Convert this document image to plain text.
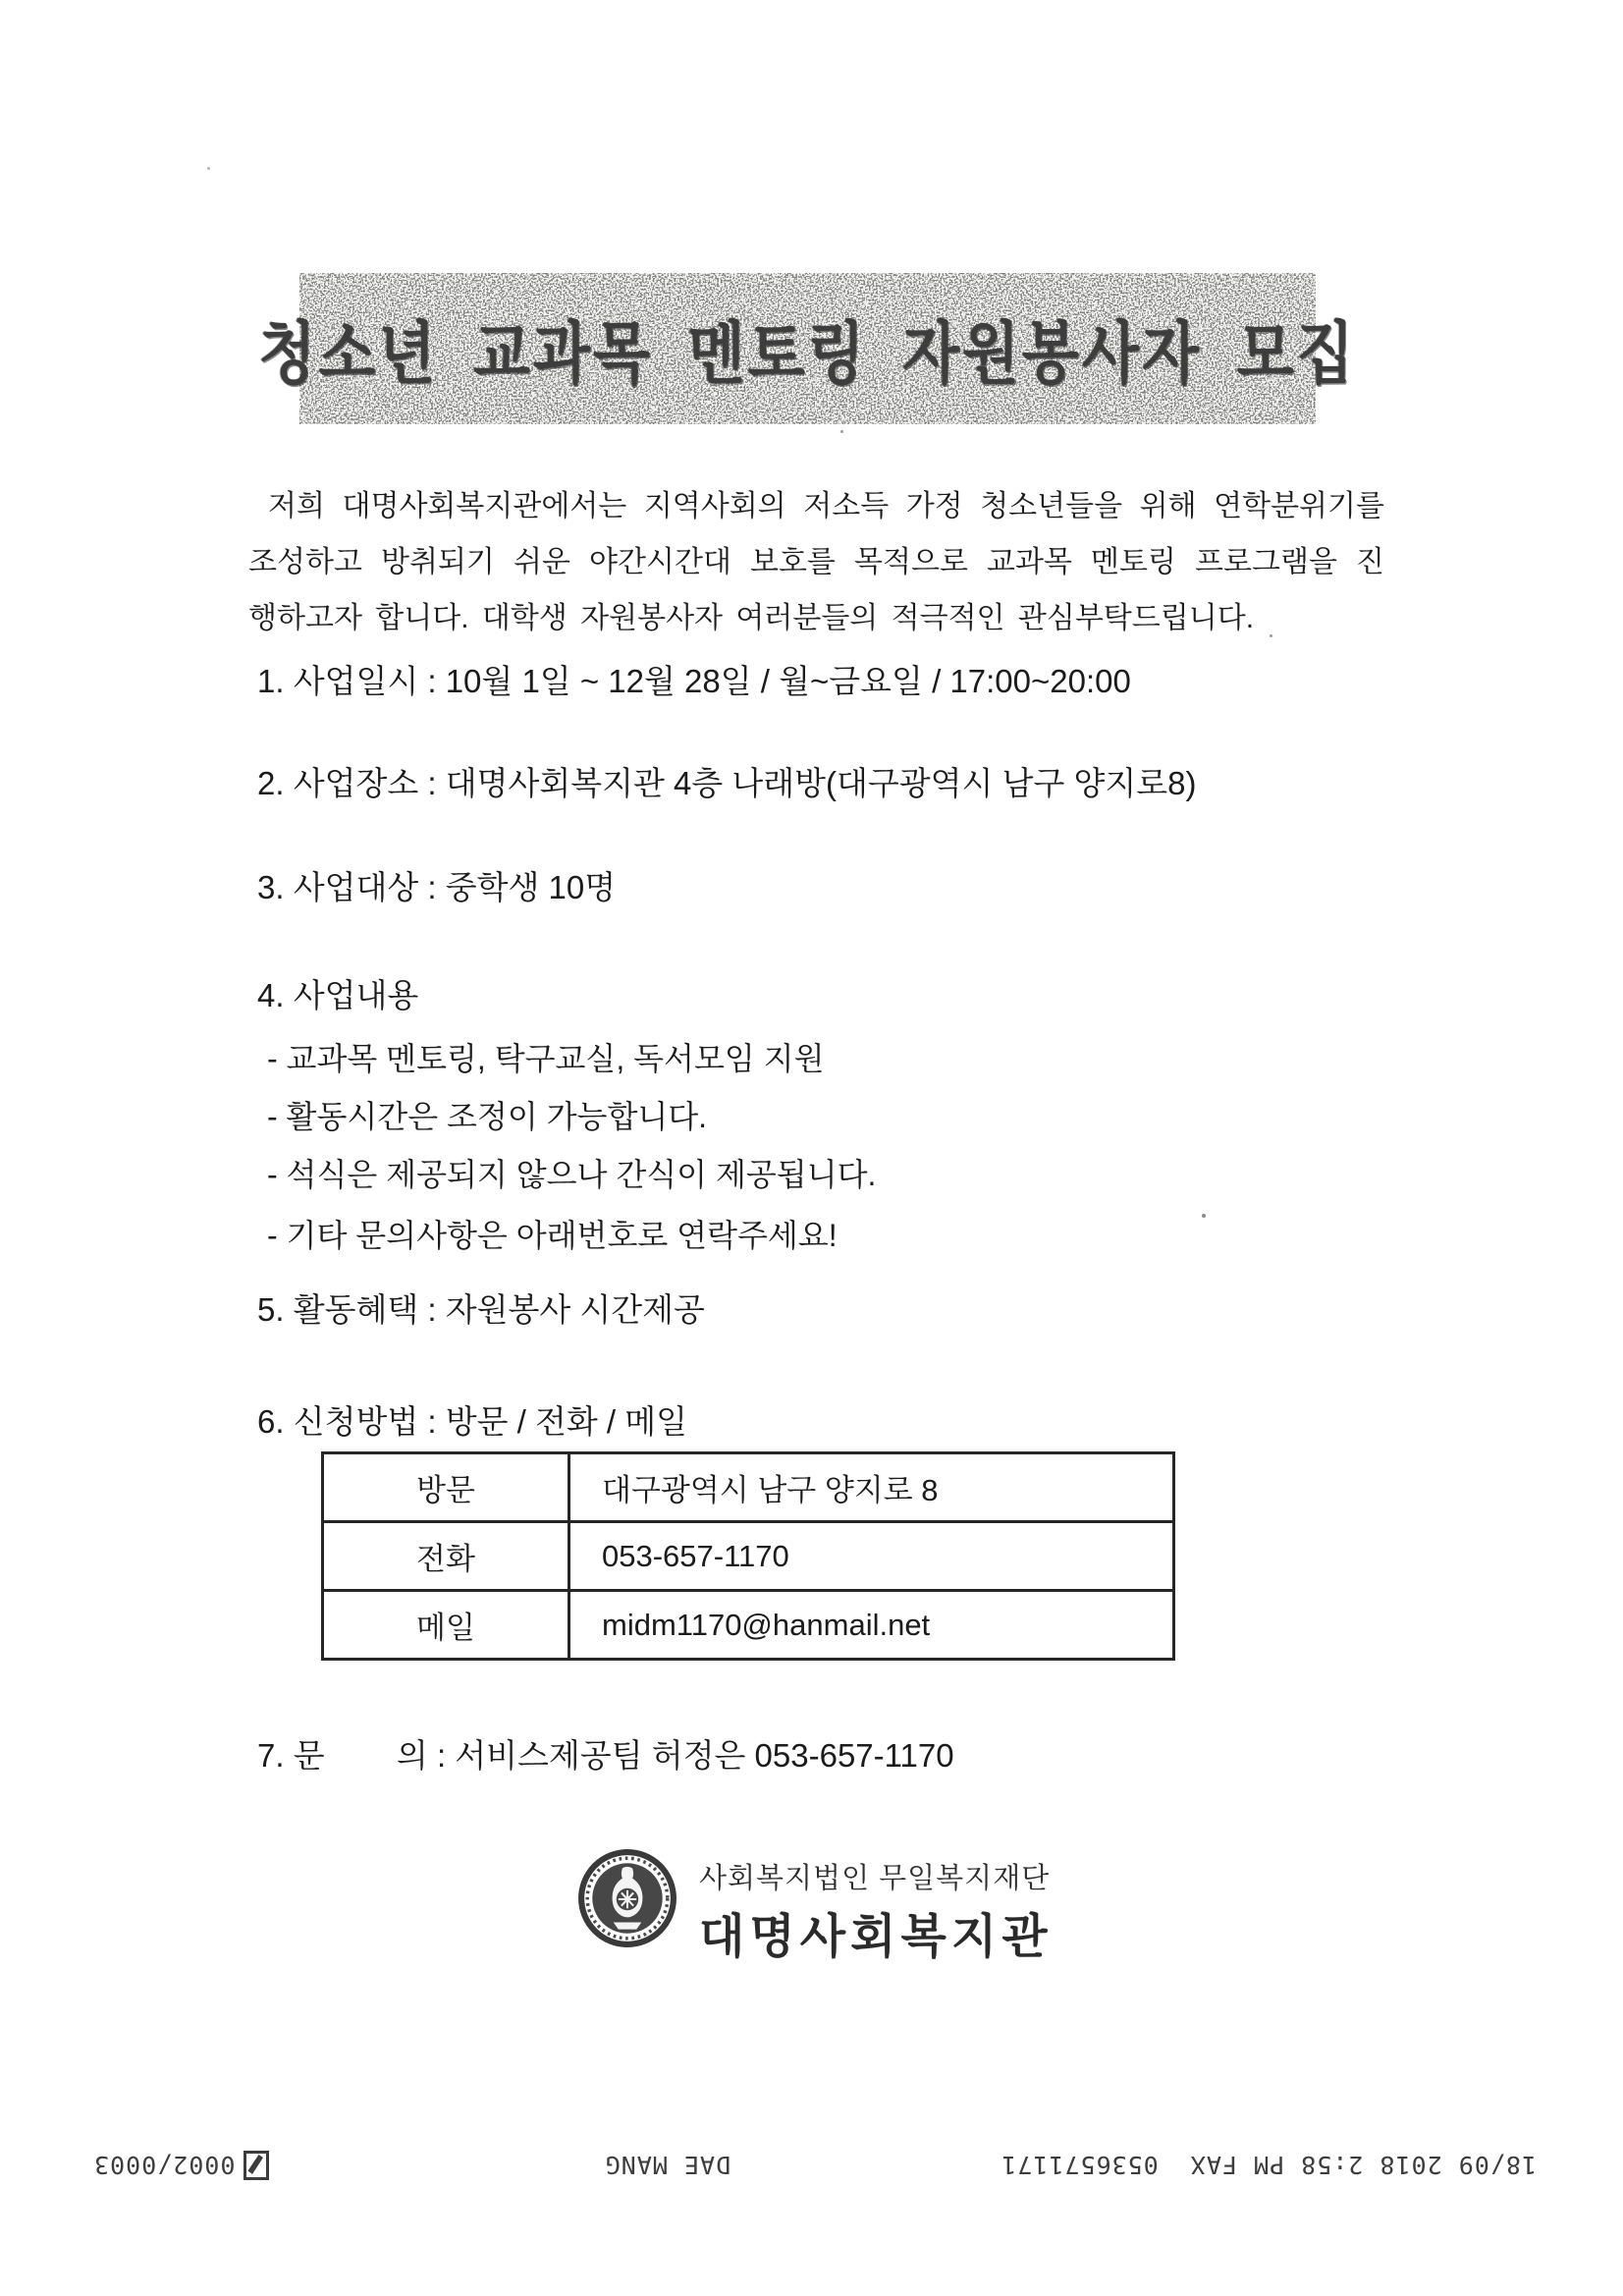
청소년 교과목 멘토링 자원봉사자 모집
저희 대명사회복지관에서는 지역사회의 저소득 가정 청소년들을 위해 연학분위기를
조성하고 방취되기 쉬운 야간시간대 보호를 목적으로 교과목 멘토링 프로그램을 진
행하고자 합니다. 대학생 자원봉사자 여러분들의 적극적인 관심부탁드립니다.
1. 사업일시 : 10월 1일 ~ 12월 28일 / 월~금요일 / 17:00~20:00
2. 사업장소 : 대명사회복지관 4층 나래방(대구광역시 남구 양지로8)
3. 사업대상 : 중학생 10명
4. 사업내용
- 교과목 멘토링, 탁구교실, 독서모임 지원
- 활동시간은 조정이 가능합니다.
- 석식은 제공되지 않으나 간식이 제공됩니다.
- 기타 문의사항은 아래번호로 연락주세요!
5. 활동혜택 : 자원봉사 시간제공
6. 신청방법 : 방문 / 전화 / 메일
방문	대구광역시 남구 양지로 8
전화	053-657-1170
메일	midm1170@hanmail.net
7. 문        의 : 서비스제공팀 허정은 053-657-1170
사회복지법인 무일복지재단
대명사회복지관
18/09 2018 2:58 PM FAX  0536571171
DAE MANG
0002/0003
